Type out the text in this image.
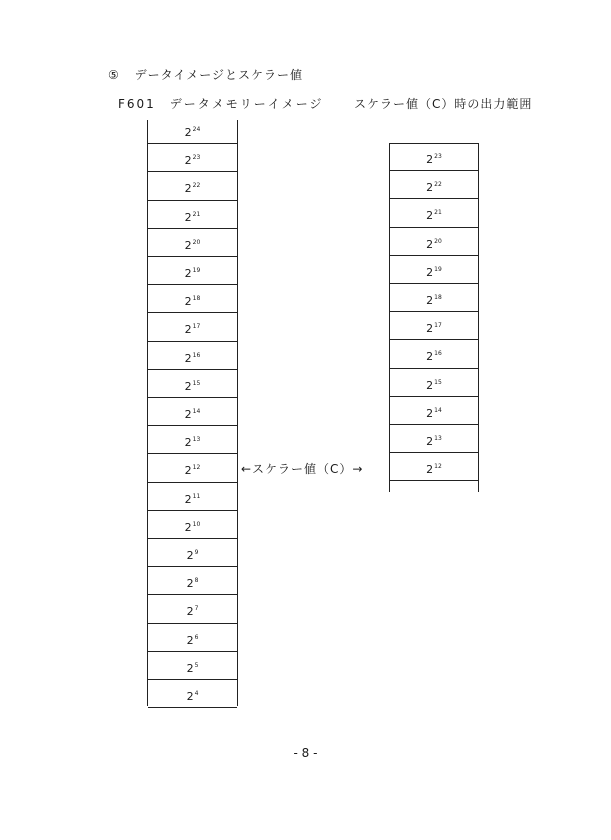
⑤ データイメージとスケラー値
F601　データメモリーイメージ	スケラー値（C）時の出力範囲
$2^{24}$
$2^{23}$
$2^{22}$
$2^{21}$
$2^{20}$
$2^{19}$
$2^{18}$
$2^{17}$
$2^{16}$
$2^{15}$
$2^{14}$
$2^{13}$
$2^{12}$
$2^{11}$
$2^{10}$
$2^9$
$2^8$
$2^7$
$2^6$
$2^5$
$2^4$
$2^{23}$
$2^{22}$
$2^{21}$
$2^{20}$
$2^{19}$
$2^{18}$
$2^{17}$
$2^{16}$
$2^{15}$
$2^{14}$
$2^{13}$
$2^{12}$
←スケラー値（C）→
- 8 -
